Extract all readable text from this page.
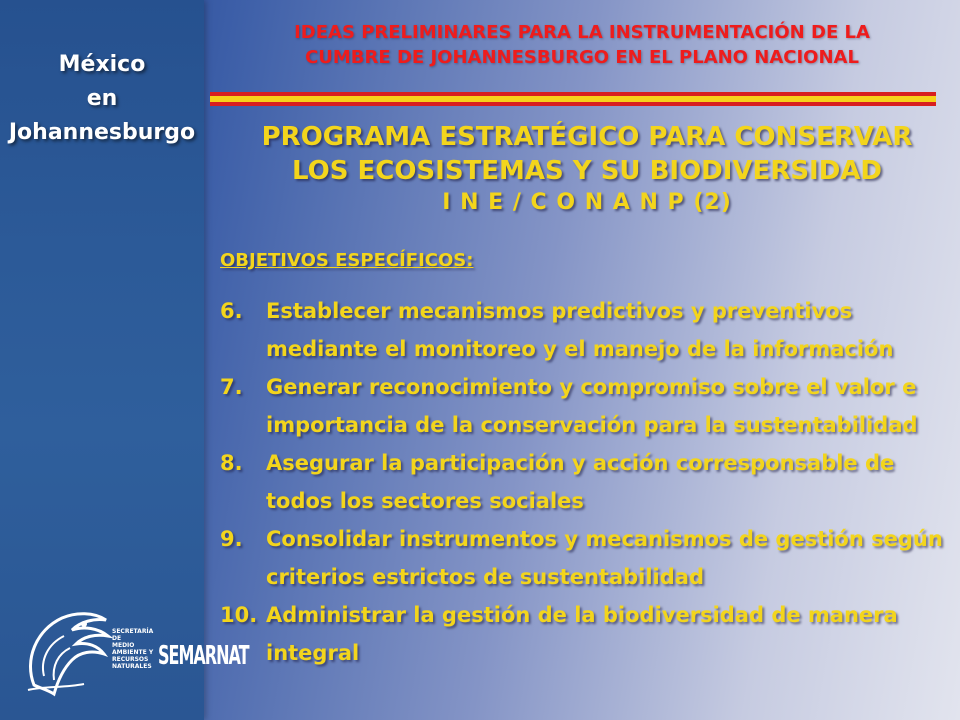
México
en Johannesburgo
SECRETARÍA DE
MEDIO AMBIENTE Y
RECURSOS NATURALES SEMARNAT
IDEAS PRELIMINARES PARA LA INSTRUMENTACIÓN DE LA
CUMBRE DE JOHANNESBURGO EN EL PLANO NACIONAL
PROGRAMA ESTRATÉGICO PARA CONSERVAR
LOS ECOSISTEMAS Y SU BIODIVERSIDAD
I N E / C O N A N P (2)
OBJETIVOS ESPECÍFICOS:
6.	Establecer mecanismos predictivos y preventivos mediante el monitoreo y el manejo de la información
7.	Generar reconocimiento y compromiso sobre el valor e importancia de la conservación para la sustentabilidad
8.	Asegurar la participación y acción corresponsable de todos los sectores sociales
9.	Consolidar instrumentos y mecanismos de gestión según criterios estrictos de sustentabilidad
10. Administrar la gestión de la biodiversidad de manera integral
